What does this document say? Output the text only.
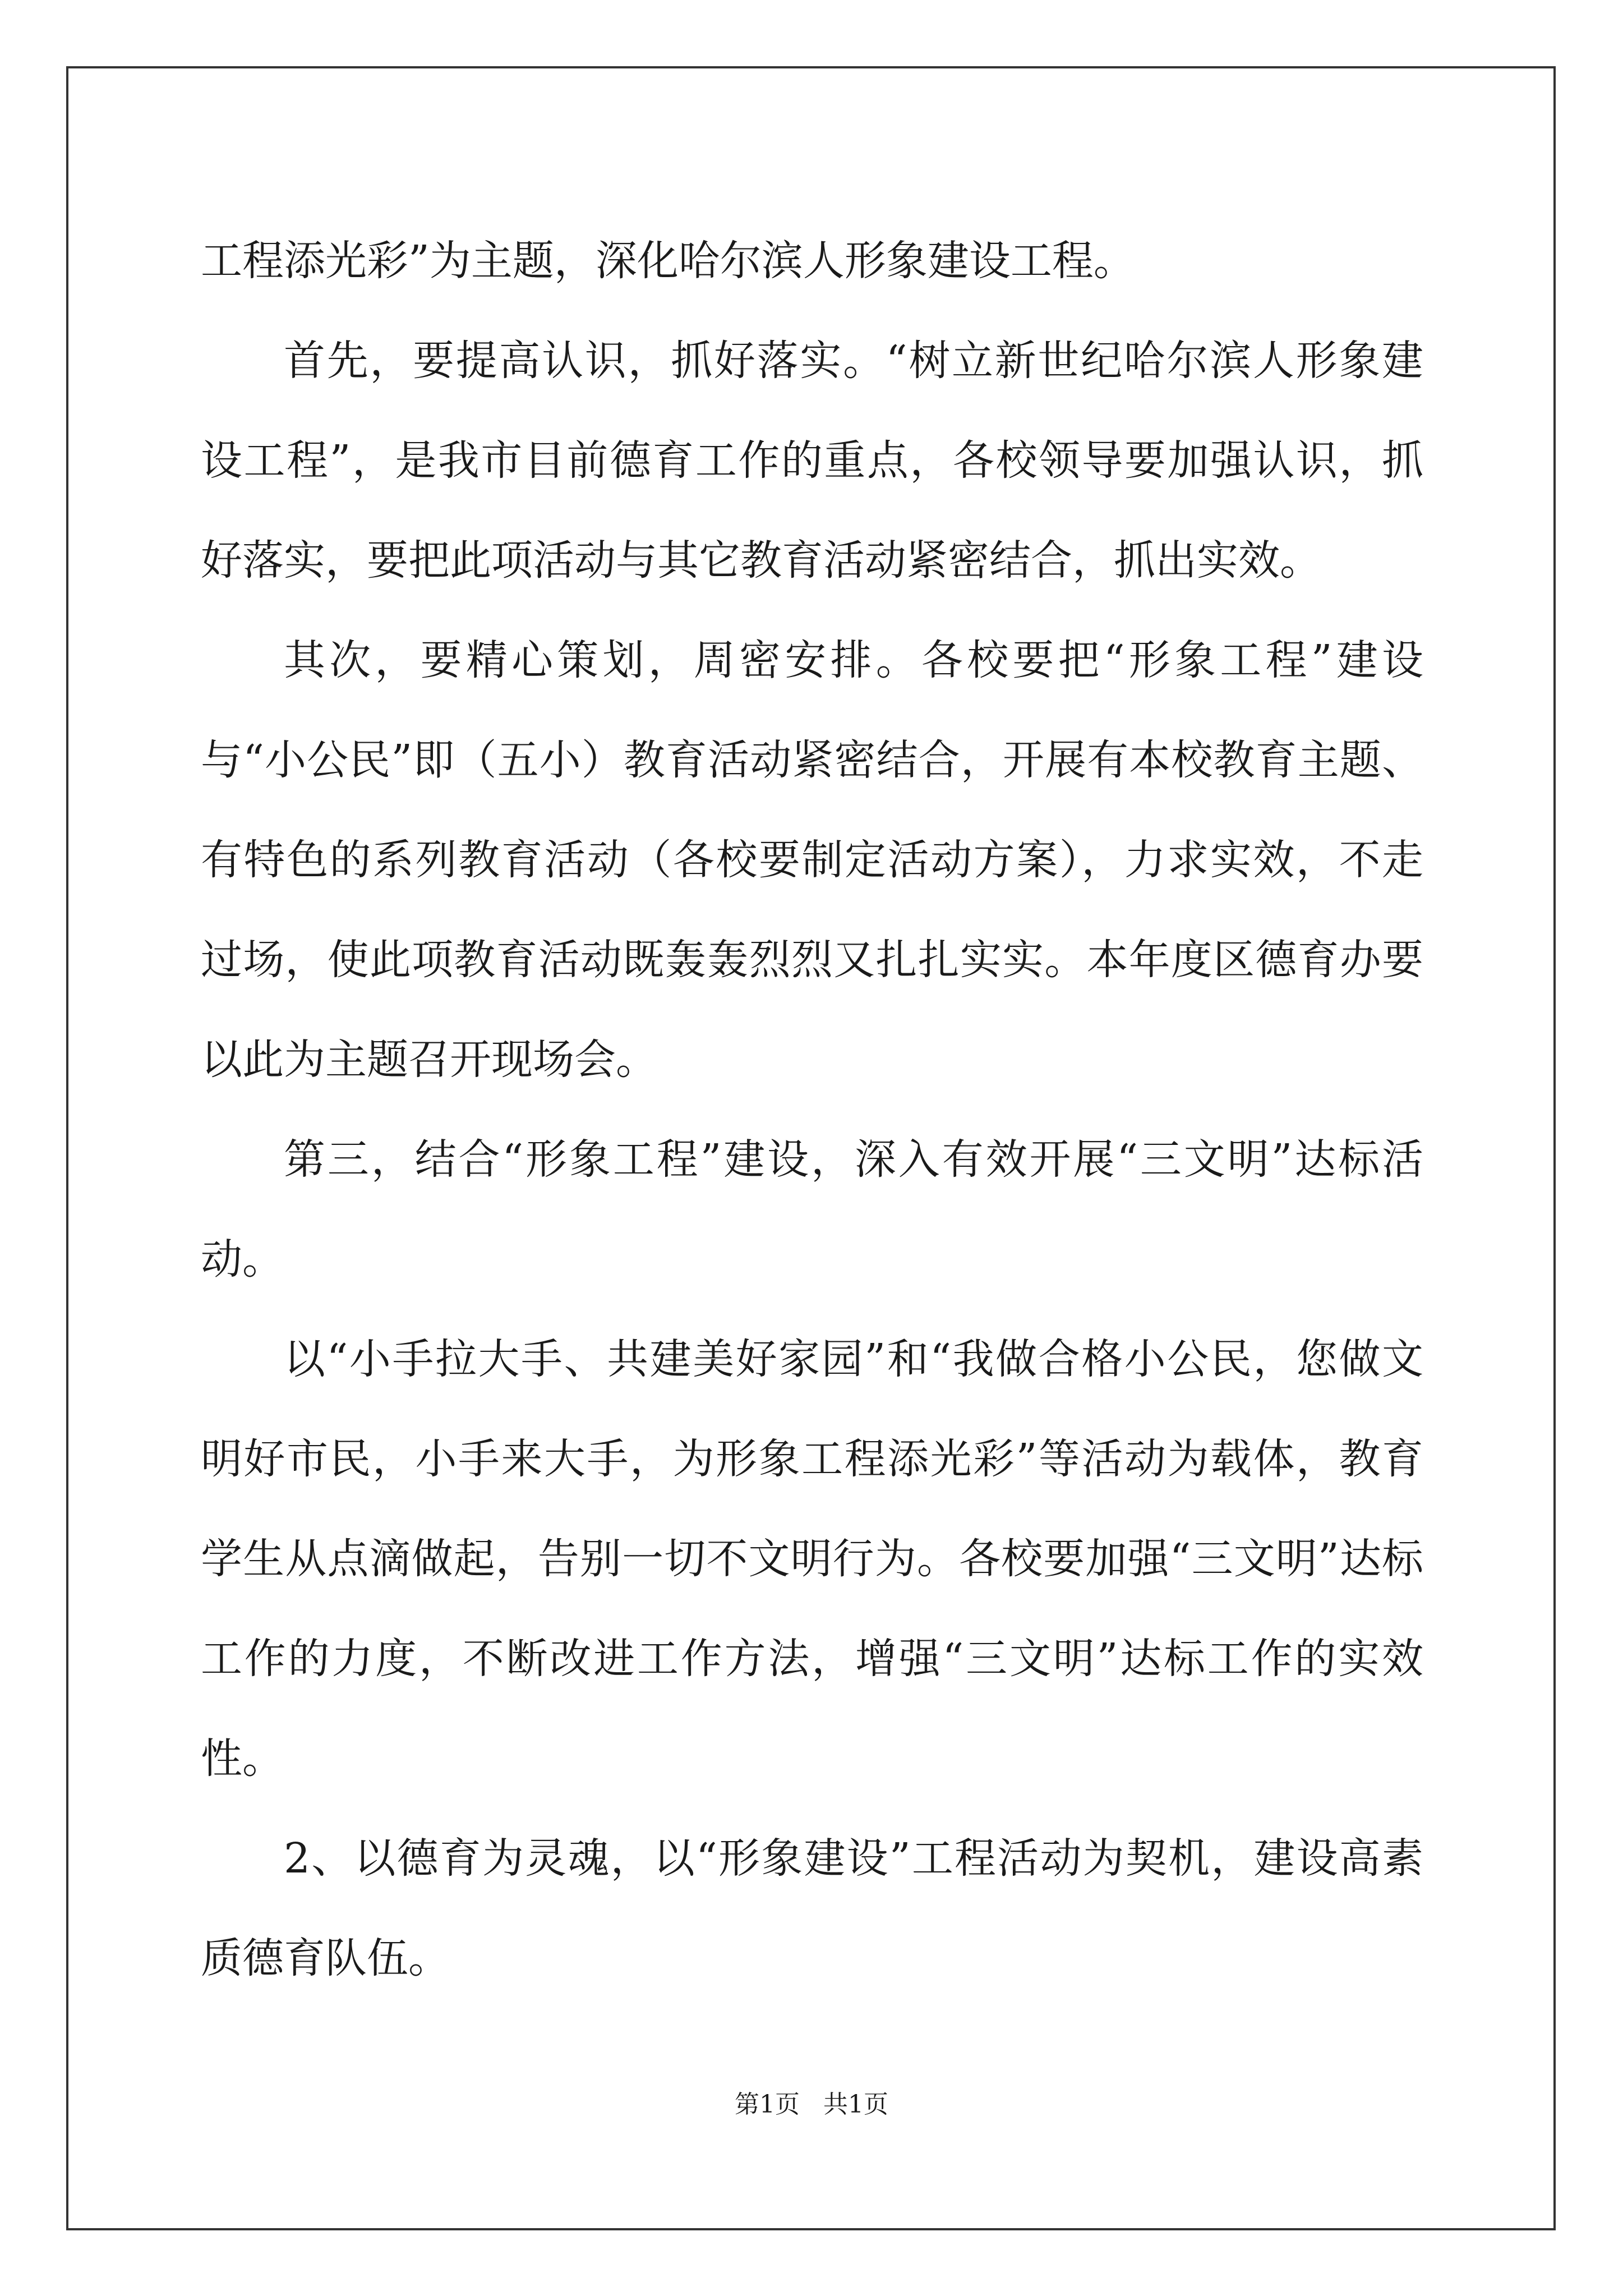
工程添光彩”为主题，深化哈尔滨人形象建设工程。

首先，要提高认识，抓好落实。“树立新世纪哈尔滨人形象建设工程”，是我市目前德育工作的重点，各校领导要加强认识，抓好落实，要把此项活动与其它教育活动紧密结合，抓出实效。

其次，要精心策划，周密安排。各校要把“形象工程”建设与“小公民”即（五小）教育活动紧密结合，开展有本校教育主题、有特色的系列教育活动（各校要制定活动方案），力求实效，不走过场，使此项教育活动既轰轰烈烈又扎扎实实。本年度区德育办要以此为主题召开现场会。

第三，结合“形象工程”建设，深入有效开展“三文明”达标活动。

以“小手拉大手、共建美好家园”和“我做合格小公民，您做文明好市民，小手来大手，为形象工程添光彩”等活动为载体，教育学生从点滴做起，告别一切不文明行为。各校要加强“三文明”达标工作的力度，不断改进工作方法，增强“三文明”达标工作的实效性。

2、以德育为灵魂，以“形象建设”工程活动为契机，建设高素质德育队伍。

第1页 共1页
